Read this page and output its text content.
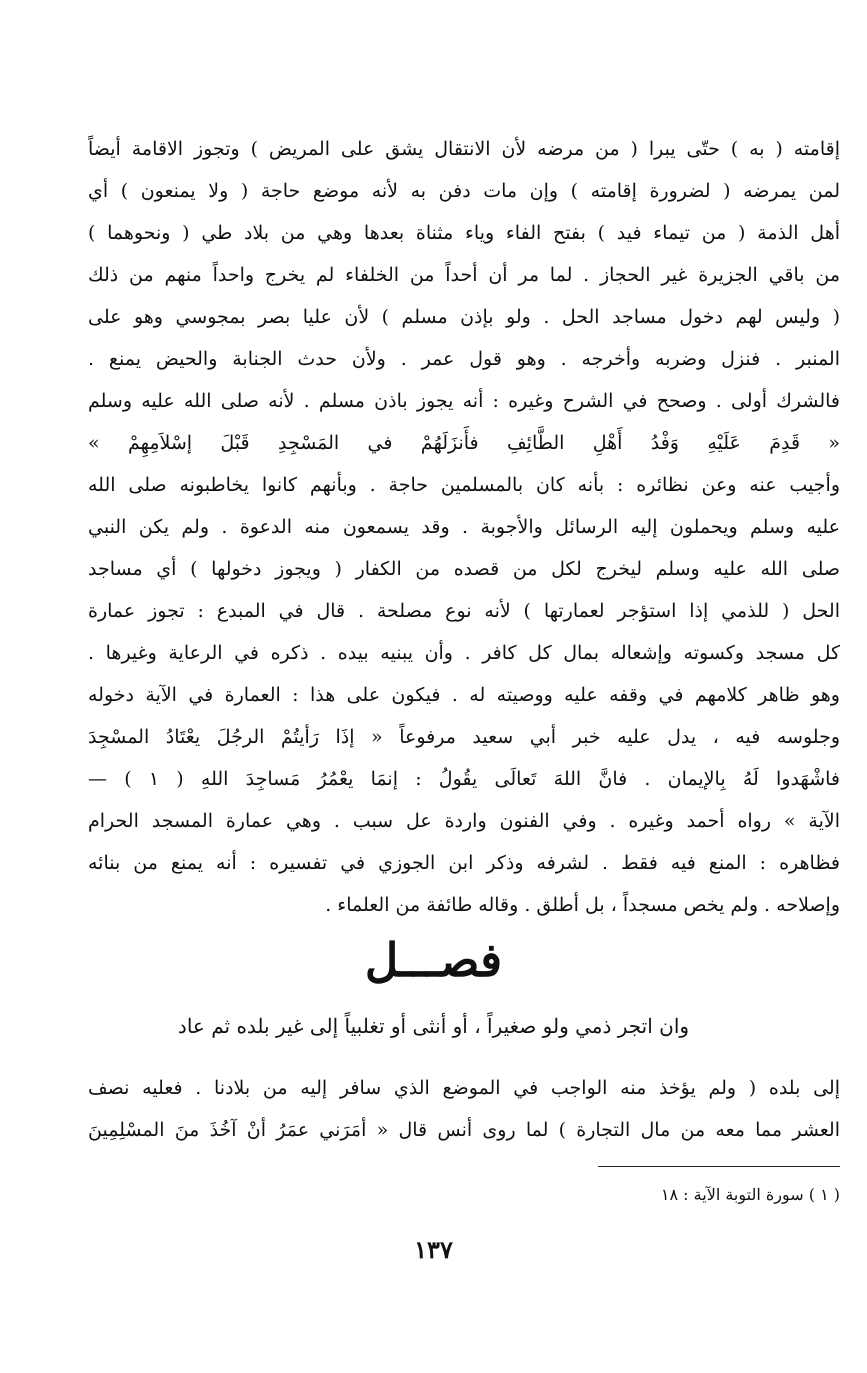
إقامته ( به ) حتّى يبرا ( من مرضه لأن الانتقال يشق على المريض ) وتجوز الاقامة أيضاً
لمن يمرضه ( لضرورة إقامته ) وإن مات دفن به لأنه موضع حاجة ( ولا يمنعون ) أي
أهل الذمة ( من تيماء فيد ) بفتح الفاء وياء مثناة بعدها وهي من بلاد طي ( ونحوهما )
من باقي الجزيرة غير الحجاز . لما مر أن أحداً من الخلفاء لم يخرج واحداً منهم من ذلك
( وليس لهم دخول مساجد الحل . ولو بإذن مسلم ) لأن عليا بصر بمجوسي وهو على
المنبر . فنزل وضربه وأخرجه . وهو قول عمر . ولأن حدث الجنابة والحيض يمنع .
فالشرك أولى . وصحح في الشرح وغيره : أنه يجوز باذن مسلم . لأنه صلى الله عليه وسلم
« قَدِمَ عَلَيْهِ وَفْدُ أَهْلِ الطَّائِفِ فأَنزَلَهُمْ في المَسْجِدِ قَبْلَ إسْلاَمِهِمْ »
وأجيب عنه وعن نظائره : بأنه كان بالمسلمين حاجة . وبأنهم كانوا يخاطبونه صلى الله
عليه وسلم ويحملون إليه الرسائل والأجوبة . وقد يسمعون منه الدعوة . ولم يكن النبي
صلى الله عليه وسلم ليخرج لكل من قصده من الكفار ( ويجوز دخولها ) أي مساجد
الحل ( للذمي إذا استؤجر لعمارتها ) لأنه نوع مصلحة . قال في المبدع : تجوز عمارة
كل مسجد وكسوته وإشعاله بمال كل كافر . وأن يبنيه بيده . ذكره في الرعاية وغيرها .
وهو ظاهر كلامهم في وقفه عليه ووصيته له . فيكون على هذا : العمارة في الآية دخوله
وجلوسه فيه ، يدل عليه خبر أبي سعيد مرفوعاً « إذَا رَأيتُمْ الرجُلَ يعْتَادُ المسْجِدَ
فاشْهَدوا لَهُ بِالإيمان . فانَّ اللهَ تَعالَى يقُولُ : إنمَا يعْمُرُ مَساجِدَ اللهِ ( ١ ) —
الآية » رواه أحمد وغيره . وفي الفنون واردة عل سبب . وهي عمارة المسجد الحرام
فظاهره : المنع فيه فقط . لشرفه وذكر ابن الجوزي في تفسيره : أنه يمنع من بنائه
وإصلاحه . ولم يخص مسجداً ، بل أطلق . وقاله طائفة من العلماء .
فصـــل
وان اتجر ذمي ولو صغيراً ، أو أنثى أو تغلبياً إلى غير بلده ثم عاد
إلى بلده ( ولم يؤخذ منه الواجب في الموضع الذي سافر إليه من بلادنا . فعليه نصف
العشر مما معه من مال التجارة ) لما روى أنس قال « أمَرَني عمَرُ أنْ آخُذَ منَ المسْلِمِينَ
( ١ ) سورة التوبة الآية : ١٨
١٣٧
